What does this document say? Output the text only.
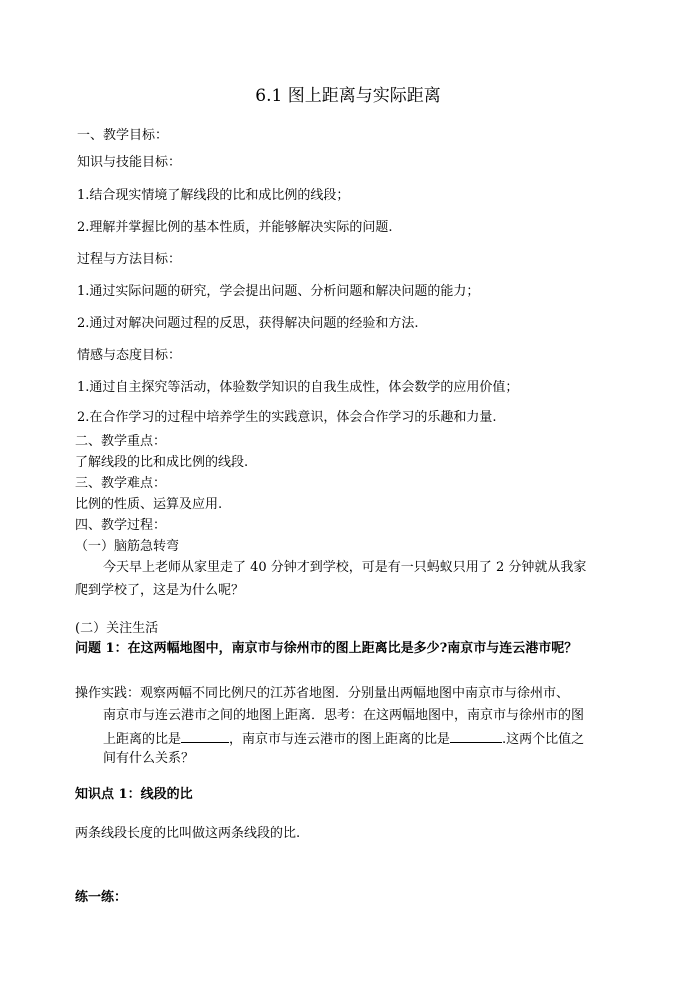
6.1 图上距离与实际距离
一、教学目标：
知识与技能目标：
1.结合现实情境了解线段的比和成比例的线段；
2.理解并掌握比例的基本性质，并能够解决实际的问题.
过程与方法目标：
1.通过实际问题的研究，学会提出问题、分析问题和解决问题的能力；
2.通过对解决问题过程的反思，获得解决问题的经验和方法.
情感与态度目标：
1.通过自主探究等活动，体验数学知识的自我生成性，体会数学的应用价值；
2.在合作学习的过程中培养学生的实践意识，体会合作学习的乐趣和力量.
二、教学重点：
了解线段的比和成比例的线段.
三、教学难点：
比例的性质、运算及应用.
四、教学过程：
（一）脑筋急转弯
今天早上老师从家里走了 40 分钟才到学校，可是有一只蚂蚁只用了 2 分钟就从我家
爬到学校了，这是为什么呢？
(二）关注生活
问题 1：在这两幅地图中，南京市与徐州市的图上距离比是多少?南京市与连云港市呢？
操作实践：观察两幅不同比例尺的江苏省地图．分别量出两幅地图中南京市与徐州市、
南京市与连云港市之间的地图上距离．思考：在这两幅地图中，南京市与徐州市的图
上距离的比是	，南京市与连云港市的图上距离的比是	.这两个比值之
间有什么关系？
知识点 1：线段的比
两条线段长度的比叫做这两条线段的比.
练一练：
